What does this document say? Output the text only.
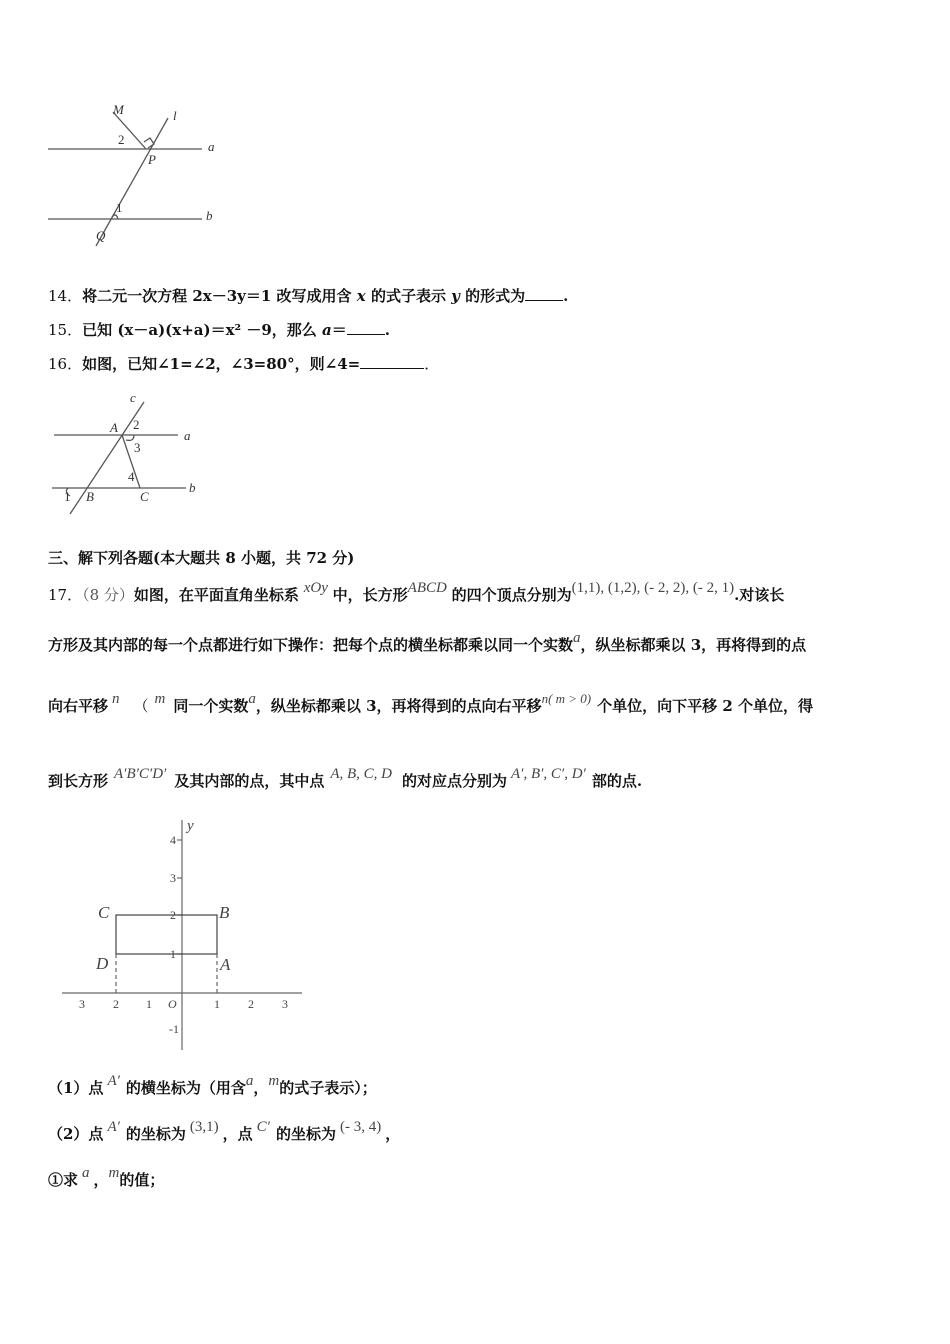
M	l
2
P
a
1
b
Q
14．将二元一次方程 2x－3y＝1 改写成用含 x 的式子表示 y 的形式为	.
15．已知 (x－a)(x+a)＝x² －9，那么 a＝	.
16．如图，已知∠1=∠2，∠3=80°，则∠4=	．
c
A 2
3
a
4
1 B	C
b
三、解下列各题(本大题共 8 小题，共 72 分)
17．（8 分）如图，在平面直角坐标系 xOy 中，长方形ABCD 的四个顶点分别为(1,1), (1,2), (- 2, 2), (- 2, 1).对该长
方形及其内部的每一个点都进行如下操作：把每个点的横坐标都乘以同一个实数a，纵坐标都乘以 3，再将得到的点
向右平移 n （ m 同一个实数a，纵坐标都乘以 3，再将得到的点向右平移n( m > 0) 个单位，向下平移 2 个单位，得
到长方形 A′B′C′D′ 及其内部的点，其中点 A, B, C, D 的对应点分别为 A′, B′, C′, D′ 部的点.
y
4
3
2
1
C	B
D	A
3 2 1 O	1 2 3
-1
（1）点 A′ 的横坐标为（用含a，m的式子表示）；
（2）点 A′ 的坐标为 (3,1) ，点 C′ 的坐标为 (- 3, 4) ，
①求 a ，m的值；
